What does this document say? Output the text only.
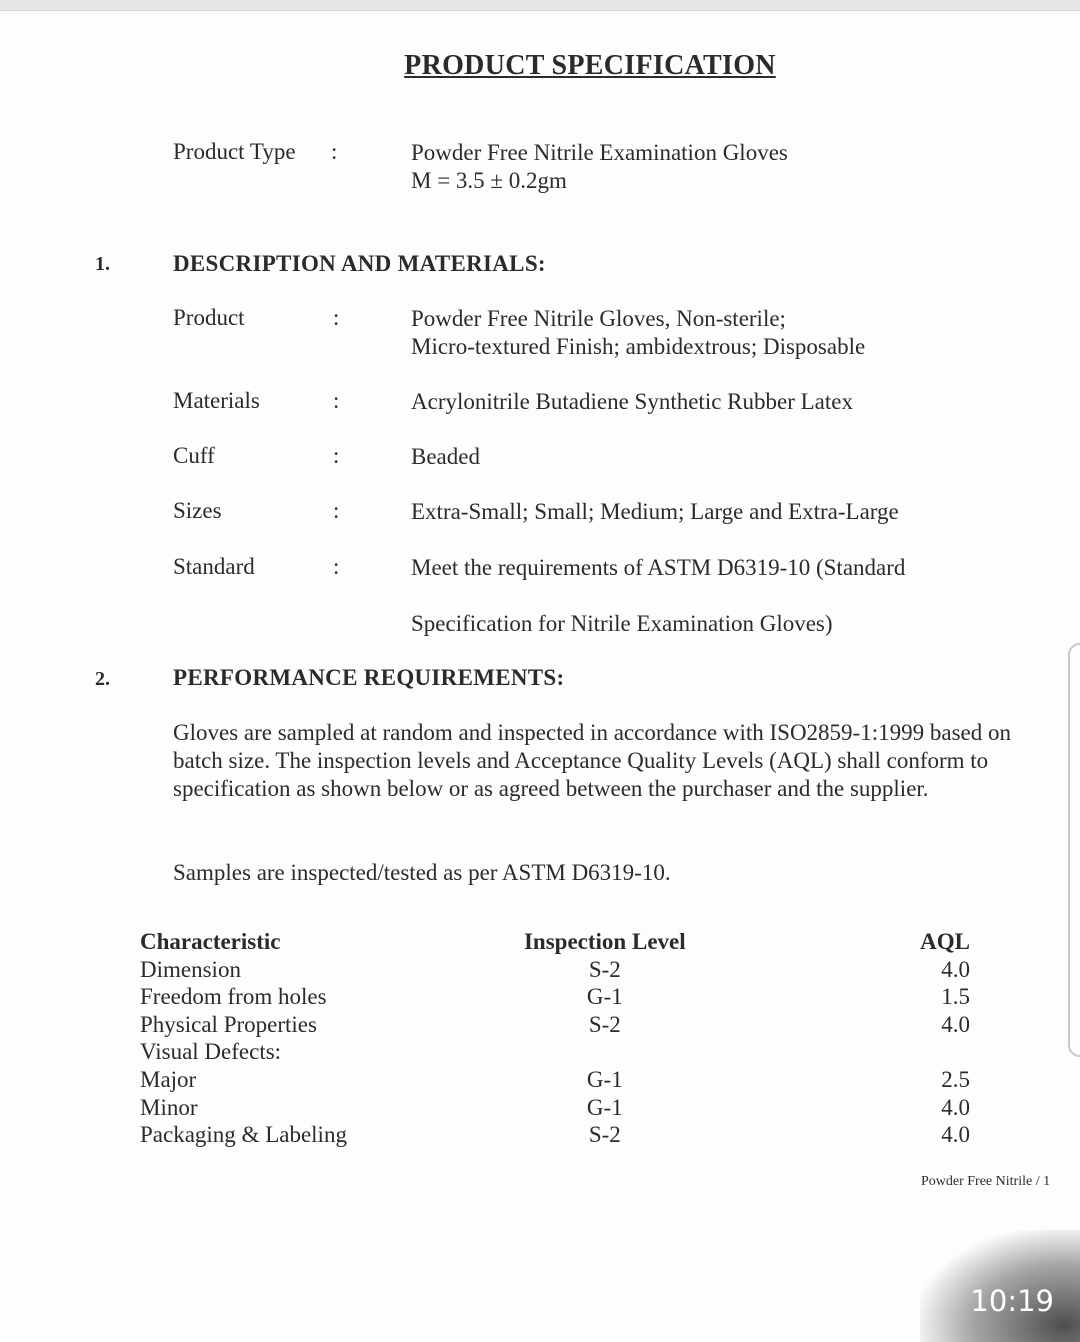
PRODUCT SPECIFICATION
Product Type :	Powder Free Nitrile Examination Gloves
M = 3.5 ± 0.2gm
1.	DESCRIPTION AND MATERIALS:
Product	:	Powder Free Nitrile Gloves, Non-sterile;
Micro-textured Finish; ambidextrous; Disposable
Materials	:	Acrylonitrile Butadiene Synthetic Rubber Latex
Cuff	:	Beaded
Sizes	:	Extra-Small; Small; Medium; Large and Extra-Large
Standard	:	Meet the requirements of ASTM D6319-10 (Standard
Specification for Nitrile Examination Gloves)
2.	PERFORMANCE REQUIREMENTS:
Gloves are sampled at random and inspected in accordance with ISO2859-1:1999 based on batch size. The inspection levels and Acceptance Quality Levels (AQL) shall conform to specification as shown below or as agreed between the purchaser and the supplier.
Samples are inspected/tested as per ASTM D6319-10.
Characteristic	Inspection Level	AQL
Dimension	S-2	4.0
Freedom from holes	G-1	1.5
Physical Properties	S-2	4.0
Visual Defects:		
Major	G-1	2.5
Minor	G-1	4.0
Packaging & Labeling	S-2	4.0
Powder Free Nitrile / 1
10:19
